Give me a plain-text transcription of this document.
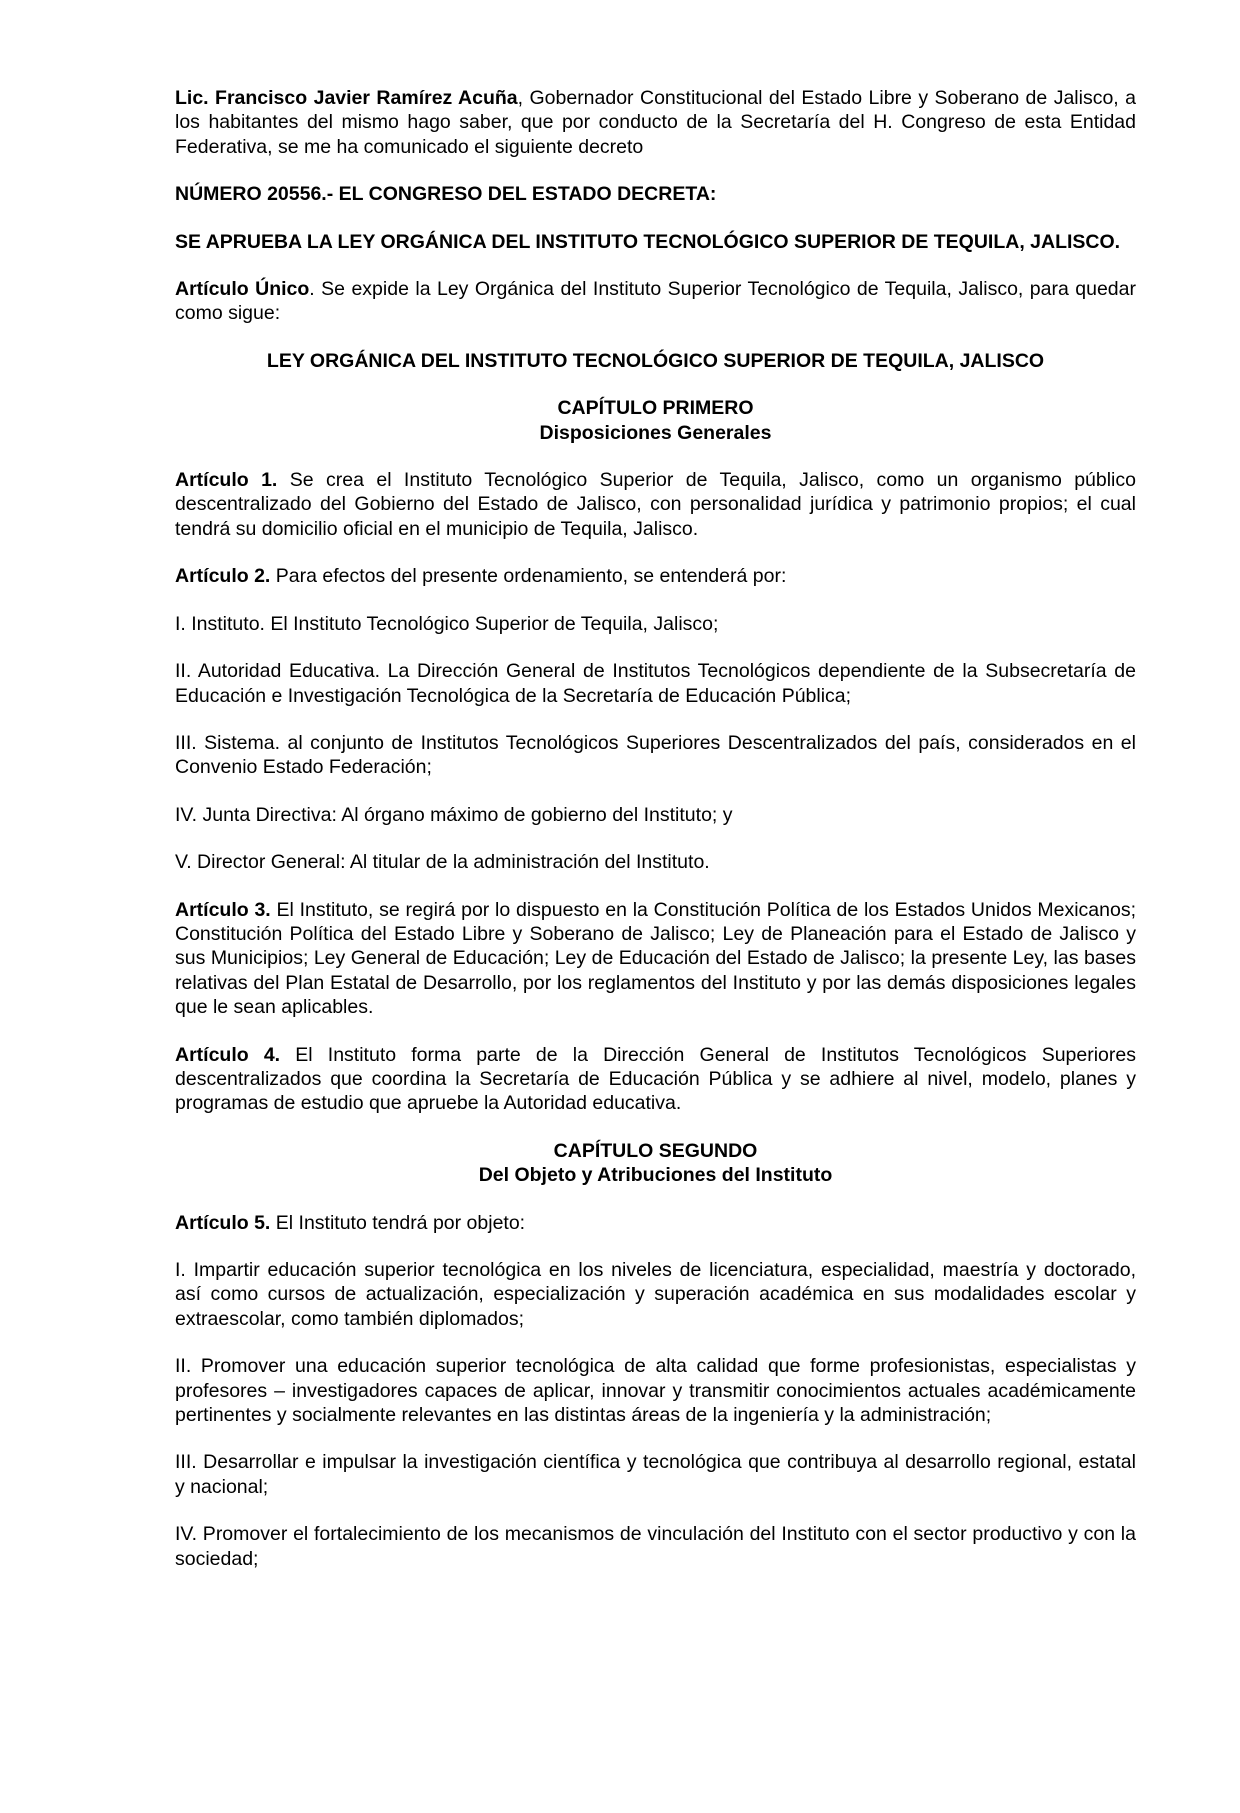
Lic. Francisco Javier Ramírez Acuña, Gobernador Constitucional del Estado Libre y Soberano de Jalisco, a los habitantes del mismo hago saber, que por conducto de la Secretaría del H. Congreso de esta Entidad Federativa, se me ha comunicado el siguiente decreto

NÚMERO 20556.- EL CONGRESO DEL ESTADO DECRETA:

SE APRUEBA LA LEY ORGÁNICA DEL INSTITUTO TECNOLÓGICO SUPERIOR DE TEQUILA, JALISCO.

Artículo Único. Se expide la Ley Orgánica del Instituto Superior Tecnológico de Tequila, Jalisco, para quedar como sigue:

LEY ORGÁNICA DEL INSTITUTO TECNOLÓGICO SUPERIOR DE TEQUILA, JALISCO

CAPÍTULO PRIMERO
Disposiciones Generales

Artículo 1. Se crea el Instituto Tecnológico Superior de Tequila, Jalisco, como un organismo público descentralizado del Gobierno del Estado de Jalisco, con personalidad jurídica y patrimonio propios; el cual tendrá su domicilio oficial en el municipio de Tequila, Jalisco.

Artículo 2. Para efectos del presente ordenamiento, se entenderá por:

I. Instituto. El Instituto Tecnológico Superior de Tequila, Jalisco;

II. Autoridad Educativa. La Dirección General de Institutos Tecnológicos dependiente de la Subsecretaría de Educación e Investigación Tecnológica de la Secretaría de Educación Pública;

III. Sistema. al conjunto de Institutos Tecnológicos Superiores Descentralizados del país, considerados en el Convenio Estado Federación;

IV. Junta Directiva: Al órgano máximo de gobierno del Instituto; y

V. Director General: Al titular de la administración del Instituto.

Artículo 3. El Instituto, se regirá por lo dispuesto en la Constitución Política de los Estados Unidos Mexicanos; Constitución Política del Estado Libre y Soberano de Jalisco; Ley de Planeación para el Estado de Jalisco y sus Municipios; Ley General de Educación; Ley de Educación del Estado de Jalisco; la presente Ley, las bases relativas del Plan Estatal de Desarrollo, por los reglamentos del Instituto y por las demás disposiciones legales que le sean aplicables.

Artículo 4. El Instituto forma parte de la Dirección General de Institutos Tecnológicos Superiores descentralizados que coordina la Secretaría de Educación Pública y se adhiere al nivel, modelo, planes y programas de estudio que apruebe la Autoridad educativa.

CAPÍTULO SEGUNDO
Del Objeto y Atribuciones del Instituto

Artículo 5. El Instituto tendrá por objeto:

I. Impartir educación superior tecnológica en los niveles de licenciatura, especialidad, maestría y doctorado, así como cursos de actualización, especialización y superación académica en sus modalidades escolar y extraescolar, como también diplomados;

II. Promover una educación superior tecnológica de alta calidad que forme profesionistas, especialistas y profesores – investigadores capaces de aplicar, innovar y transmitir conocimientos actuales académicamente pertinentes y socialmente relevantes en las distintas áreas de la ingeniería y la administración;

III. Desarrollar e impulsar la investigación científica y tecnológica que contribuya al desarrollo regional, estatal y nacional;

IV. Promover el fortalecimiento de los mecanismos de vinculación del Instituto con el sector productivo y con la sociedad;
